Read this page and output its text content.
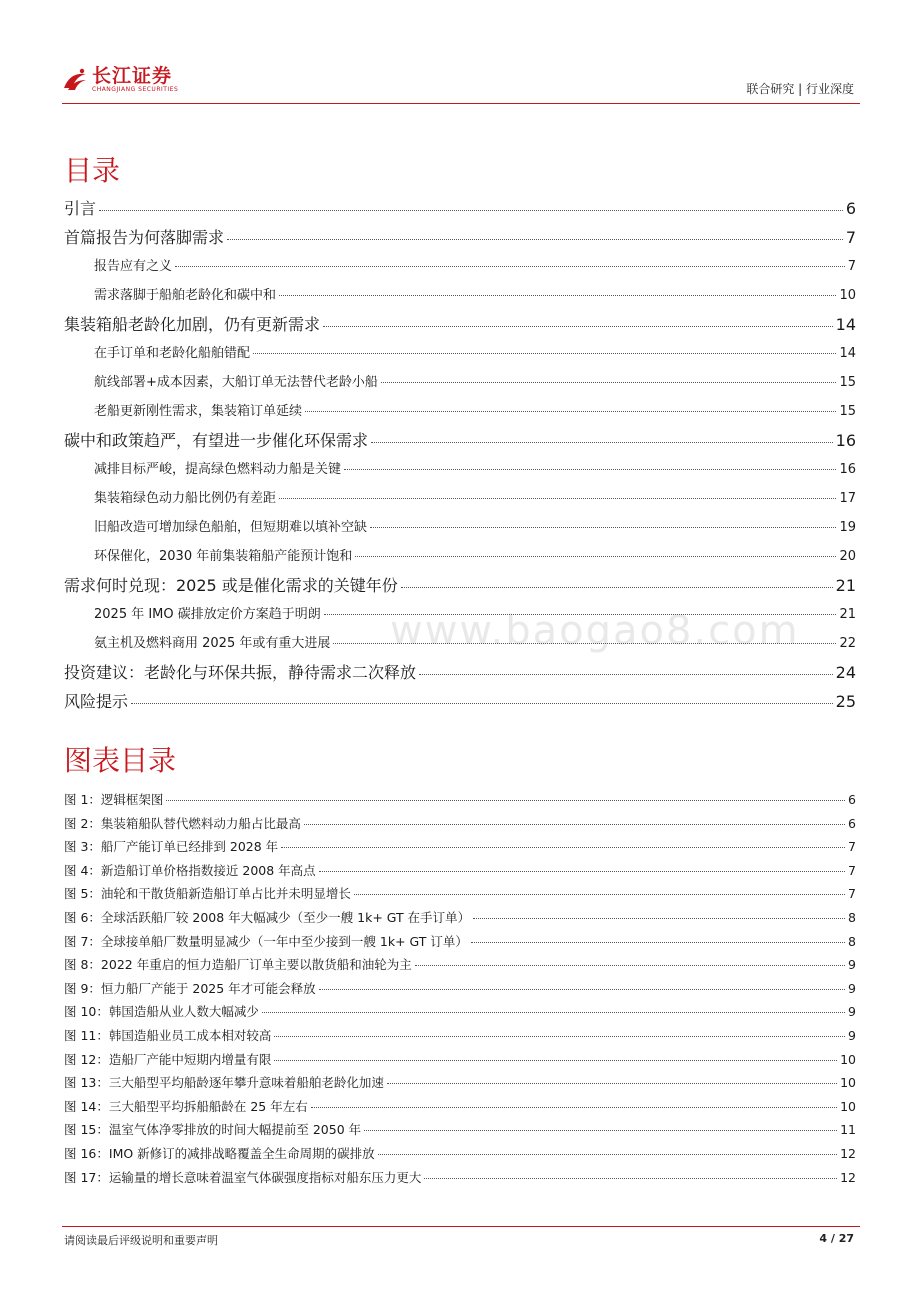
长江证券
CHANGJIANG SECURITIES	联合研究 | 行业深度
目录
引言	6
首篇报告为何落脚需求	7
报告应有之义	7
需求落脚于船舶老龄化和碳中和	10
集装箱船老龄化加剧，仍有更新需求	14
在手订单和老龄化船舶错配	14
航线部署+成本因素，大船订单无法替代老龄小船	15
老船更新刚性需求，集装箱订单延续	15
碳中和政策趋严，有望进一步催化环保需求	16
减排目标严峻，提高绿色燃料动力船是关键	16
集装箱绿色动力船比例仍有差距	17
旧船改造可增加绿色船舶，但短期难以填补空缺	19
环保催化，2030 年前集装箱船产能预计饱和	20
需求何时兑现：2025 或是催化需求的关键年份	21
2025 年 IMO 碳排放定价方案趋于明朗	21
氨主机及燃料商用 2025 年或有重大进展	22
投资建议：老龄化与环保共振，静待需求二次释放	24
风险提示	25
www.baogao8.com
图表目录
图 1：逻辑框架图	6
图 2：集装箱船队替代燃料动力船占比最高	6
图 3：船厂产能订单已经排到 2028 年	7
图 4：新造船订单价格指数接近 2008 年高点	7
图 5：油轮和干散货船新造船订单占比并未明显增长	7
图 6：全球活跃船厂较 2008 年大幅减少（至少一艘 1k+ GT 在手订单）	8
图 7：全球接单船厂数量明显减少（一年中至少接到一艘 1k+ GT 订单）	8
图 8：2022 年重启的恒力造船厂订单主要以散货船和油轮为主	9
图 9：恒力船厂产能于 2025 年才可能会释放	9
图 10：韩国造船从业人数大幅减少	9
图 11：韩国造船业员工成本相对较高	9
图 12：造船厂产能中短期内增量有限	10
图 13：三大船型平均船龄逐年攀升意味着船舶老龄化加速	10
图 14：三大船型平均拆船船龄在 25 年左右	10
图 15：温室气体净零排放的时间大幅提前至 2050 年	11
图 16：IMO 新修订的减排战略覆盖全生命周期的碳排放	12
图 17：运输量的增长意味着温室气体碳强度指标对船东压力更大	12
请阅读最后评级说明和重要声明	4 / 27
